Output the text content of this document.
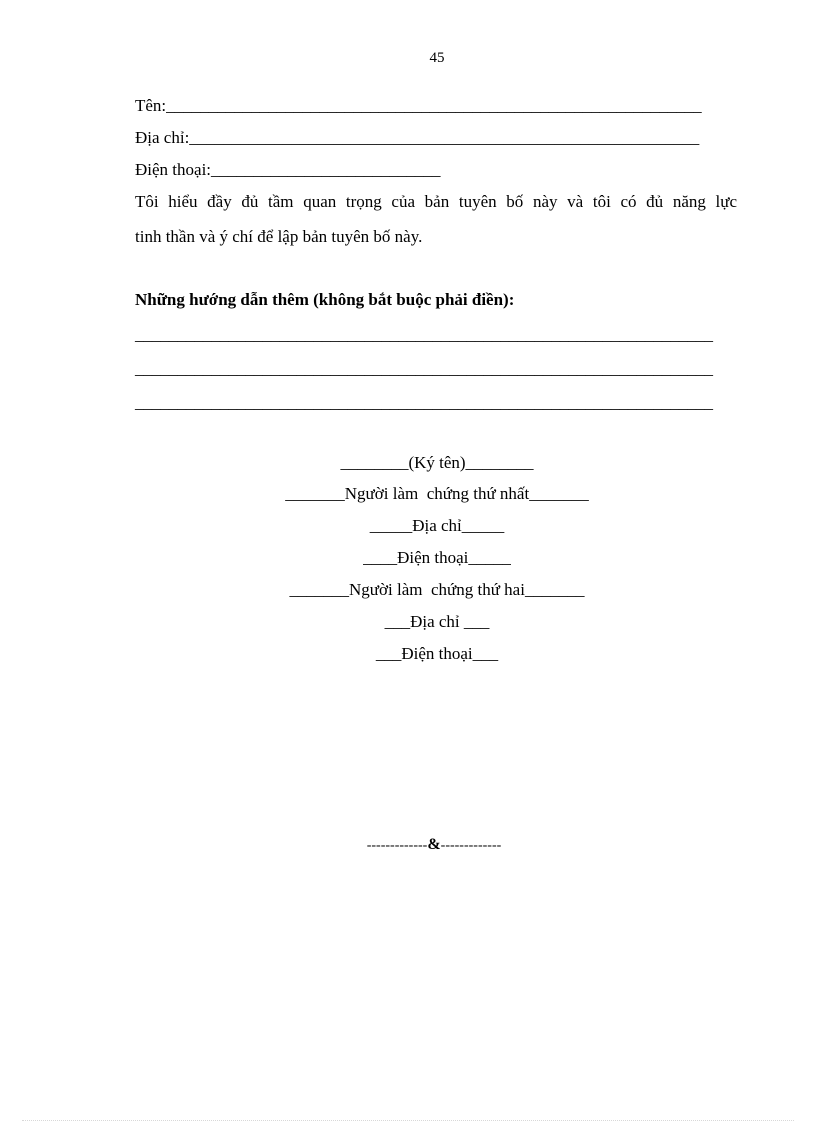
45
Tên:_______________________________________________________________
Địa chỉ:____________________________________________________________
Điện thoại:___________________________
Tôi hiểu đầy đủ tầm quan trọng của bản tuyên bố này và tôi có đủ năng lực
tinh thần và ý chí để lập bản tuyên bố này.
Những hướng dẫn thêm (không bắt buộc phải điền):
____________________________________________________________________
____________________________________________________________________
____________________________________________________________________
________(Ký tên)________
_______Người làm  chứng thứ nhất_______
_____Địa chỉ_____
____Điện thoại_____
_______Người làm  chứng thứ hai_______
___Địa chỉ ___
___Điện thoại___
-------------&-------------
